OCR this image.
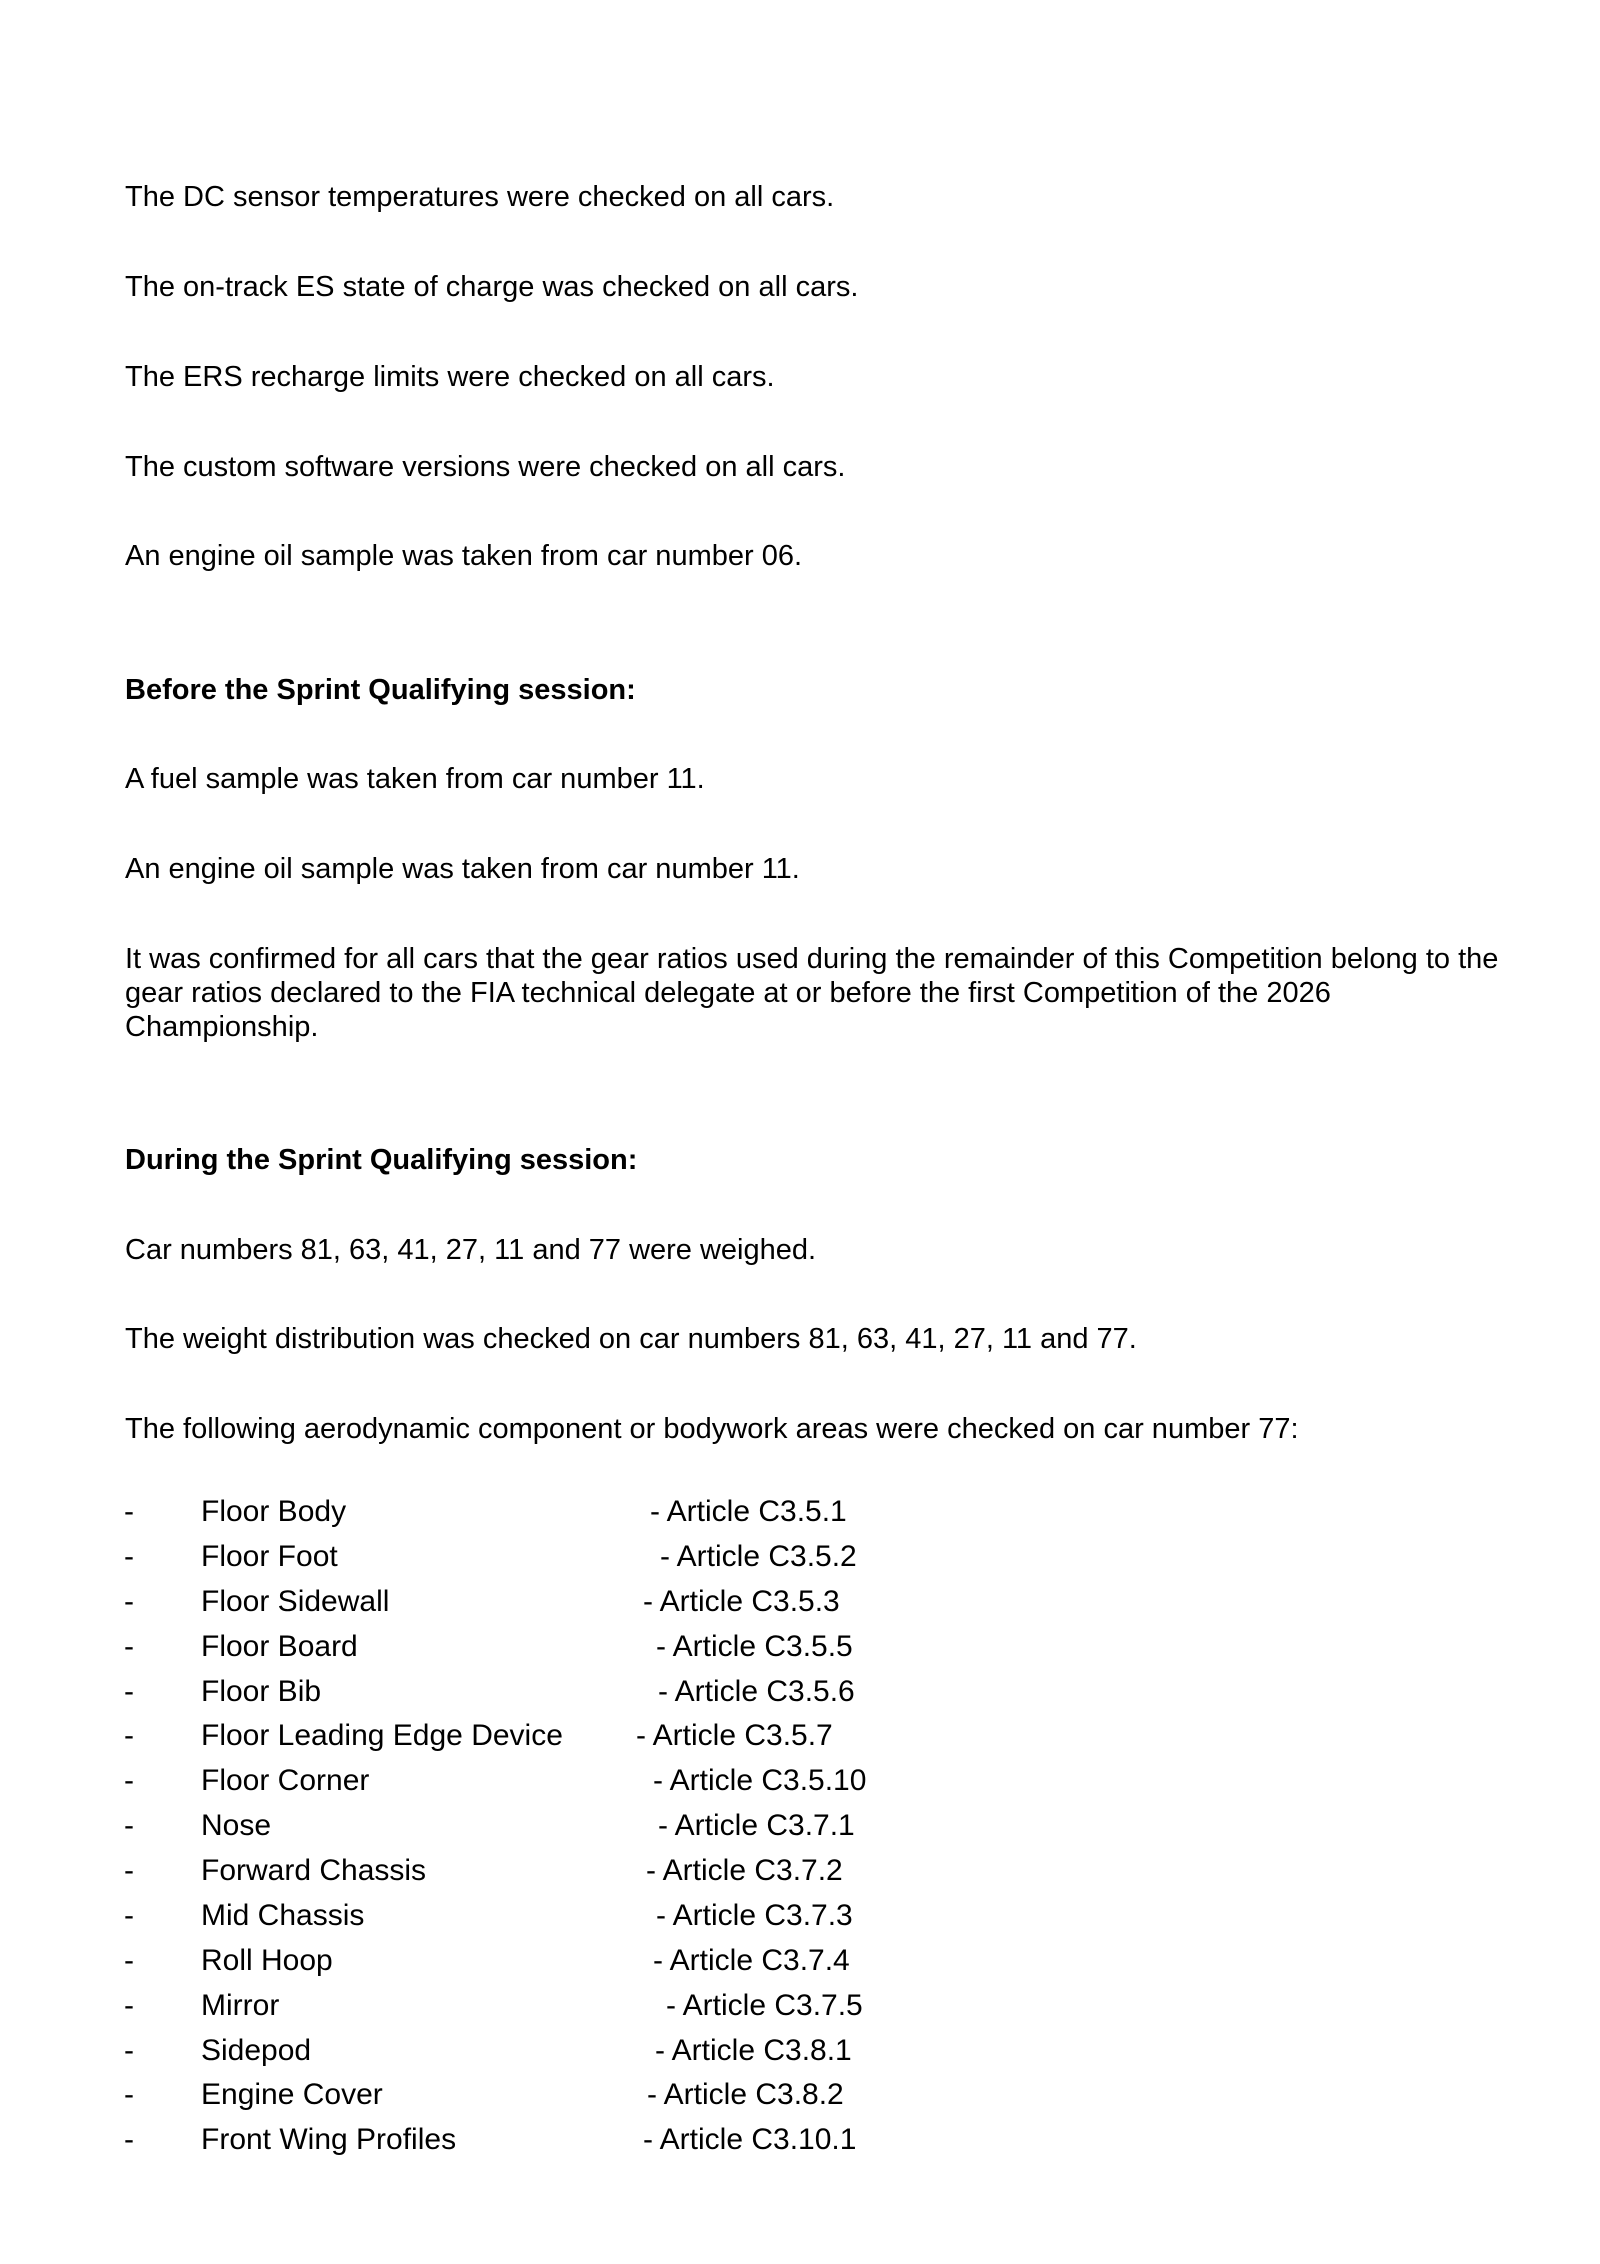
The DC sensor temperatures were checked on all cars.

The on-track ES state of charge was checked on all cars.

The ERS recharge limits were checked on all cars.

The custom software versions were checked on all cars.

An engine oil sample was taken from car number 06.

Before the Sprint Qualifying session:

A fuel sample was taken from car number 11.

An engine oil sample was taken from car number 11.

It was confirmed for all cars that the gear ratios used during the remainder of this Competition belong to the gear ratios declared to the FIA technical delegate at or before the first Competition of the 2026 Championship.

During the Sprint Qualifying session:

Car numbers 81, 63, 41, 27, 11 and 77 were weighed.

The weight distribution was checked on car numbers 81, 63, 41, 27, 11 and 77.

The following aerodynamic component or bodywork areas were checked on car number 77:

- Floor Body	- Article C3.5.1
- Floor Foot	- Article C3.5.2
- Floor Sidewall	- Article C3.5.3
- Floor Board	- Article C3.5.5
- Floor Bib	- Article C3.5.6
- Floor Leading Edge Device - Article C3.5.7
- Floor Corner	- Article C3.5.10
- Nose	- Article C3.7.1
- Forward Chassis	- Article C3.7.2
- Mid Chassis	- Article C3.7.3
- Roll Hoop	- Article C3.7.4
- Mirror	- Article C3.7.5
- Sidepod	- Article C3.8.1
- Engine Cover	- Article C3.8.2
- Front Wing Profiles	- Article C3.10.1
